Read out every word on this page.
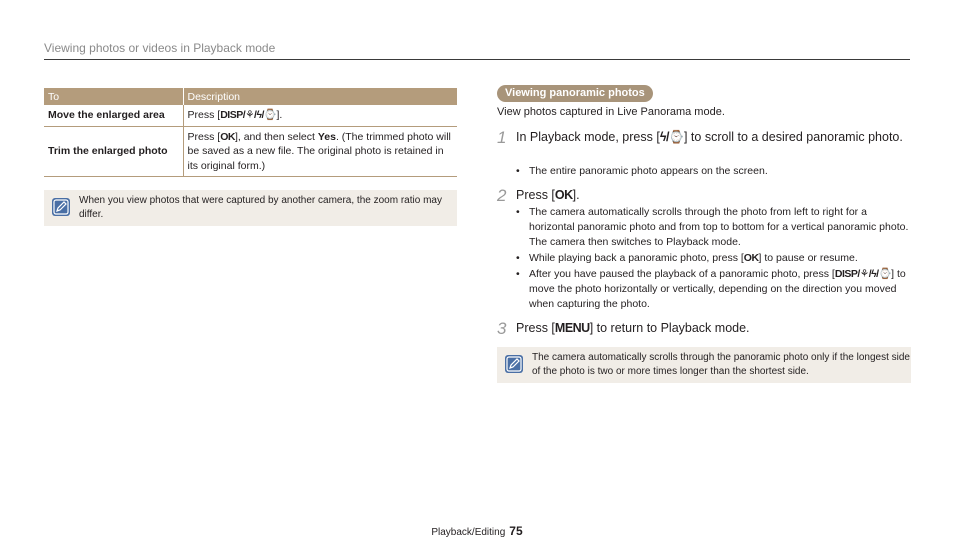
Viewing photos or videos in Playback mode
To	Description
Move the enlarged area	Press [DISP/⚘/ϟ/⌚].
Trim the enlarged photo	Press [OK], and then select Yes. (The trimmed photo will be saved as a new file. The original photo is retained in its original form.)
When you view photos that were captured by another camera, the zoom ratio may differ.
Viewing panoramic photos
View photos captured in Live Panorama mode.
1 In Playback mode, press [ϟ/⌚] to scroll to a desired panoramic photo.
• The entire panoramic photo appears on the screen.
2 Press [OK].
• The camera automatically scrolls through the photo from left to right for a horizontal panoramic photo and from top to bottom for a vertical panoramic photo. The camera then switches to Playback mode.
• While playing back a panoramic photo, press [OK] to pause or resume.
• After you have paused the playback of a panoramic photo, press [DISP/⚘/ϟ/⌚] to move the photo horizontally or vertically, depending on the direction you moved when capturing the photo.
3 Press [MENU] to return to Playback mode.
The camera automatically scrolls through the panoramic photo only if the longest side of the photo is two or more times longer than the shortest side.
Playback/Editing 75
